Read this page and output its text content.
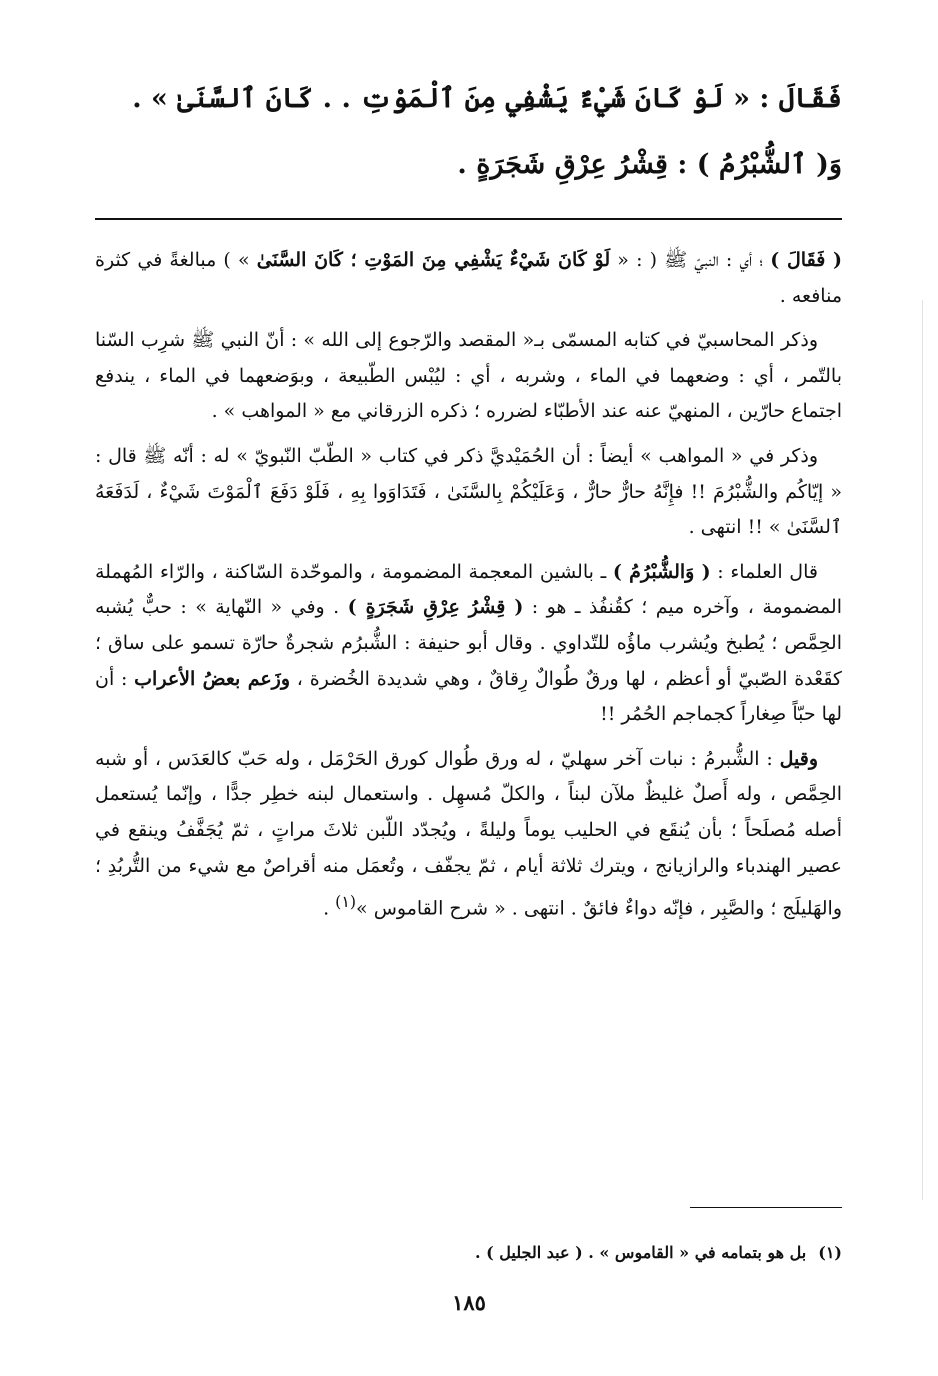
فَقَالَ : « لَوْ كَانَ شَيْءٌ يَشْفِي مِنَ ٱلْمَوْتِ . . كَانَ ٱلسَّنَىٰ » .
وَ( ٱلشُّبْرُمُ ) : قِشْرُ عِرْقِ شَجَرَةٍ .

( فَقَالَ ) ؛ أي : النبيّ ﷺ ( : « لَوْ كَانَ شَيْءٌ يَشْفِي مِنَ المَوْتِ ؛ كَانَ السَّنَىٰ » ) مبالغةً في كثرة منافعه .

وذكر المحاسبيّ في كتابه المسمّى بـ« المقصد والرّجوع إلى الله » : أنّ النبي ﷺ شرِب السّنا بالتّمر ، أي : وضعهما في الماء ، وشربه ، أي : ليُبْس الطّبيعة ، وبوَضعهما في الماء ، يندفع اجتماع حارّين ، المنهيّ عنه عند الأطبّاء لضرره ؛ ذكره الزرقاني مع « المواهب » .

وذكر في « المواهب » أيضاً : أن الحُمَيْديَّ ذكر في كتاب « الطّبّ النّبويّ » له : أنّه ﷺ قال : « إيّاكُم والشُّبْرُمَ !! فإِنَّهُ حارٌّ حارٌّ ، وَعَلَيْكُمْ بِالسَّنَىٰ ، فَتَدَاوَوا بِهِ ، فَلَوْ دَفَعَ ٱلْمَوْتَ شَيْءٌ ، لَدَفَعَهُ ٱلسَّنَىٰ » !! انتهى .

قال العلماء : ( وَالشُّبْرُمُ ) ـ بالشين المعجمة المضمومة ، والموحّدة السّاكنة ، والرّاء المُهملة المضمومة ، وآخره ميم ؛ كقُنفُذ ـ هو : ( قِشْرُ عِرْقِ شَجَرَةٍ ) . وفي « النّهاية » : حبٌّ يُشبه الحِمَّص ؛ يُطبخ ويُشرب ماؤُه للتّداوي . وقال أبو حنيفة : الشُّبرُم شجرةٌ حارّة تسمو على ساق ؛ كقَعْدة الصّبيّ أو أعظم ، لها ورقٌ طُوالٌ رِقاقٌ ، وهي شديدة الخُضرة ، وزَعم بعضُ الأعراب : أن لها حبّاً صِغاراً كجماجم الحُمُر !!

وقيل : الشُّبرمُ : نبات آخر سهليّ ، له ورق طُوال كورق الحَرْمَل ، وله حَبّ كالعَدَس ، أو شبه الحِمَّص ، وله أَصلٌ غليظٌ ملآن لبناً ، والكلّ مُسهِل . واستعمال لبنه خطِر جدًّا ، وإنّما يُستعمل أصله مُصلَحاً ؛ بأن يُنقَع في الحليب يوماً وليلةً ، ويُجدّد اللّبن ثلاثَ مراتٍ ، ثمّ يُجَفَّفُ وينقع في عصير الهندباء والرازيانج ، ويترك ثلاثة أيام ، ثمّ يجفّف ، وتُعمَل منه أقراصٌ مع شيء من التُّربُدِ ؛ والهَليلَج ؛ والصَّبِر ، فإنّه دواءٌ فائقٌ . انتهى . « شرح القاموس »$^{(١)}$ .

(١)بل هو بتمامه في « القاموس » . ( عبد الجليل ) .
١٨٥
